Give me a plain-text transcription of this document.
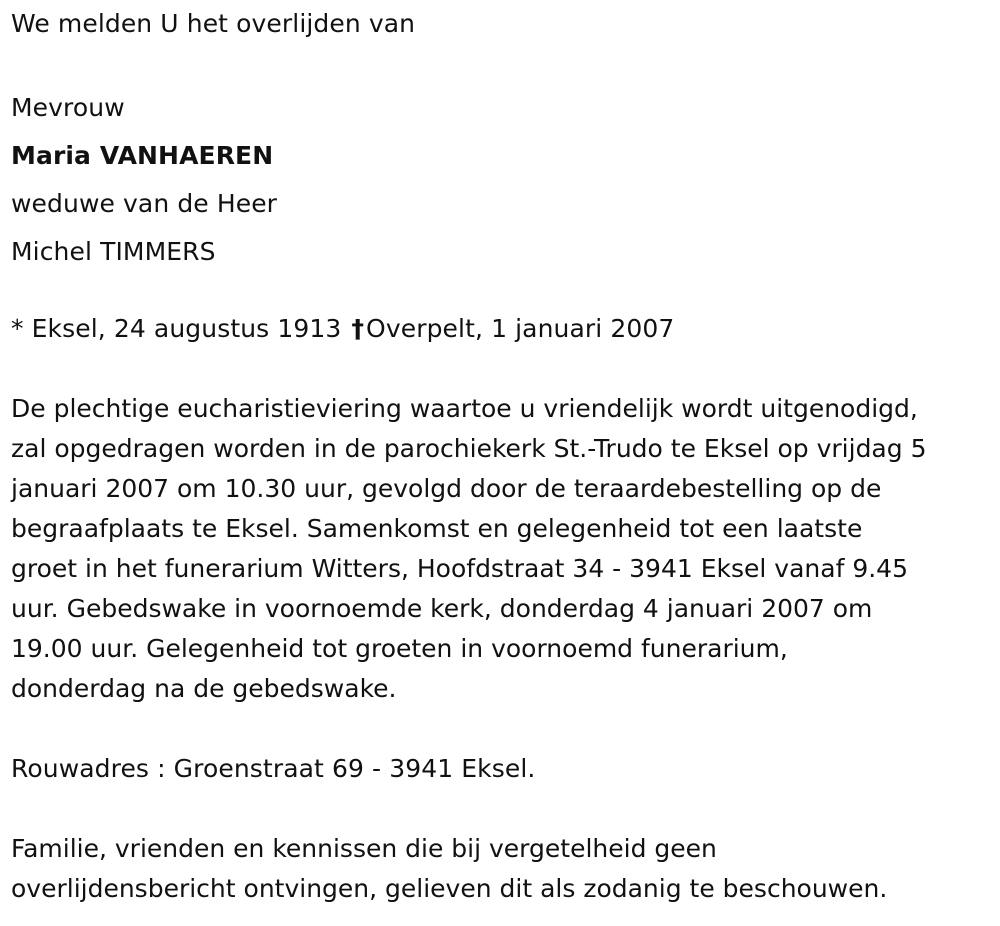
We melden U het overlijden van
Mevrouw
Maria VANHAEREN
weduwe van de Heer
Michel TIMMERS
* Eksel, 24 augustus 1913 †Overpelt, 1 januari 2007
De plechtige eucharistieviering waartoe u vriendelijk wordt uitgenodigd,
zal opgedragen worden in de parochiekerk St.-Trudo te Eksel op vrijdag 5
januari 2007 om 10.30 uur, gevolgd door de teraardebestelling op de
begraafplaats te Eksel. Samenkomst en gelegenheid tot een laatste
groet in het funerarium Witters, Hoofdstraat 34 - 3941 Eksel vanaf 9.45
uur. Gebedswake in voornoemde kerk, donderdag 4 januari 2007 om
19.00 uur. Gelegenheid tot groeten in voornoemd funerarium,
donderdag na de gebedswake.
Rouwadres : Groenstraat 69 - 3941 Eksel.
Familie, vrienden en kennissen die bij vergetelheid geen
overlijdensbericht ontvingen, gelieven dit als zodanig te beschouwen.
